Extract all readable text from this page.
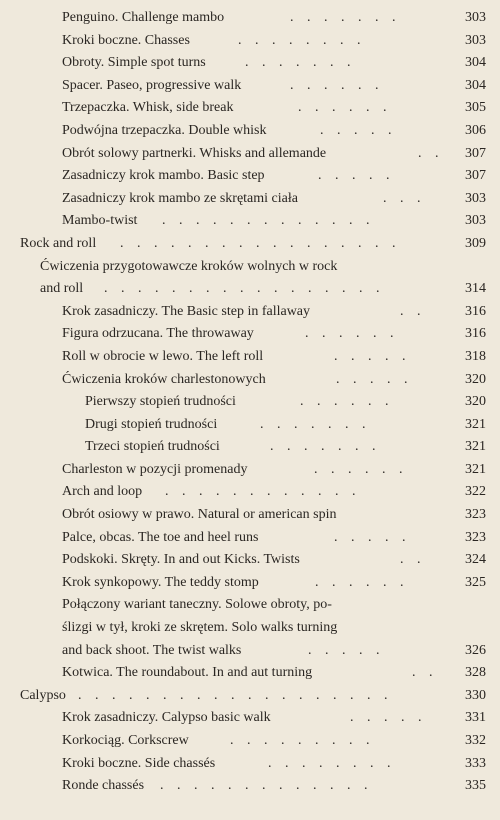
Penguino. Challenge mambo	. . . . . . .	303
Kroki boczne. Chasses	. . . . . . . .	303
Obroty. Simple spot turns	. . . . . . .	304
Spacer. Paseo, progressive walk	. . . . . .	304
Trzepaczka. Whisk, side break	. . . . . .	305
Podwójna trzepaczka. Double whisk	. . . . .	306
Obrót solowy partnerki. Whisks and allemande	. .	307
Zasadniczy krok mambo. Basic step	. . . . .	307
Zasadniczy krok mambo ze skrętami ciała	. . .	303
Mambo-twist . . . . . . . . . . . . .	303
Rock and roll . . . . . . . . . . . . . . . . .	309
Ćwiczenia przygotowawcze kroków wolnych w rock
and roll	. . . . . . . . . . . . . . . . .	314
Krok zasadniczy. The Basic step in fallaway	. .	316
Figura odrzucana. The throwaway	. . . . . .	316
Roll w obrocie w lewo. The left roll	. . . . .	318
Ćwiczenia kroków charlestonowych	. . . . .	320
Pierwszy stopień trudności	. . . . . .	320
Drugi stopień trudności	. . . . . . .	321
Trzeci stopień trudności	. . . . . . .	321
Charleston w pozycji promenady	. . . . . .	321
Arch and loop . . . . . . . . . . . .	322
Obrót osiowy w prawo. Natural or american spin	323
Palce, obcas. The toe and heel runs	. . . . .	323
Podskoki. Skręty. In and out Kicks. Twists	. .	324
Krok synkopowy. The teddy stomp	. . . . . .	325
Połączony wariant taneczny. Solowe obroty, po-
ślizgi w tył, kroki ze skrętem. Solo walks turning
and back shoot. The twist walks	. . . . .	326
Kotwica. The roundabout. In and aut turning	. .	328
Calypso . . . . . . . . . . . . . . . . . . .	330
Krok zasadniczy. Calypso basic walk	. . . . .	331
Korkociąg. Corkscrew	. . . . . . . . .	332
Kroki boczne. Side chassés	. . . . . . . .	333
Ronde chassés . . . . . . . . . . . . .	335
